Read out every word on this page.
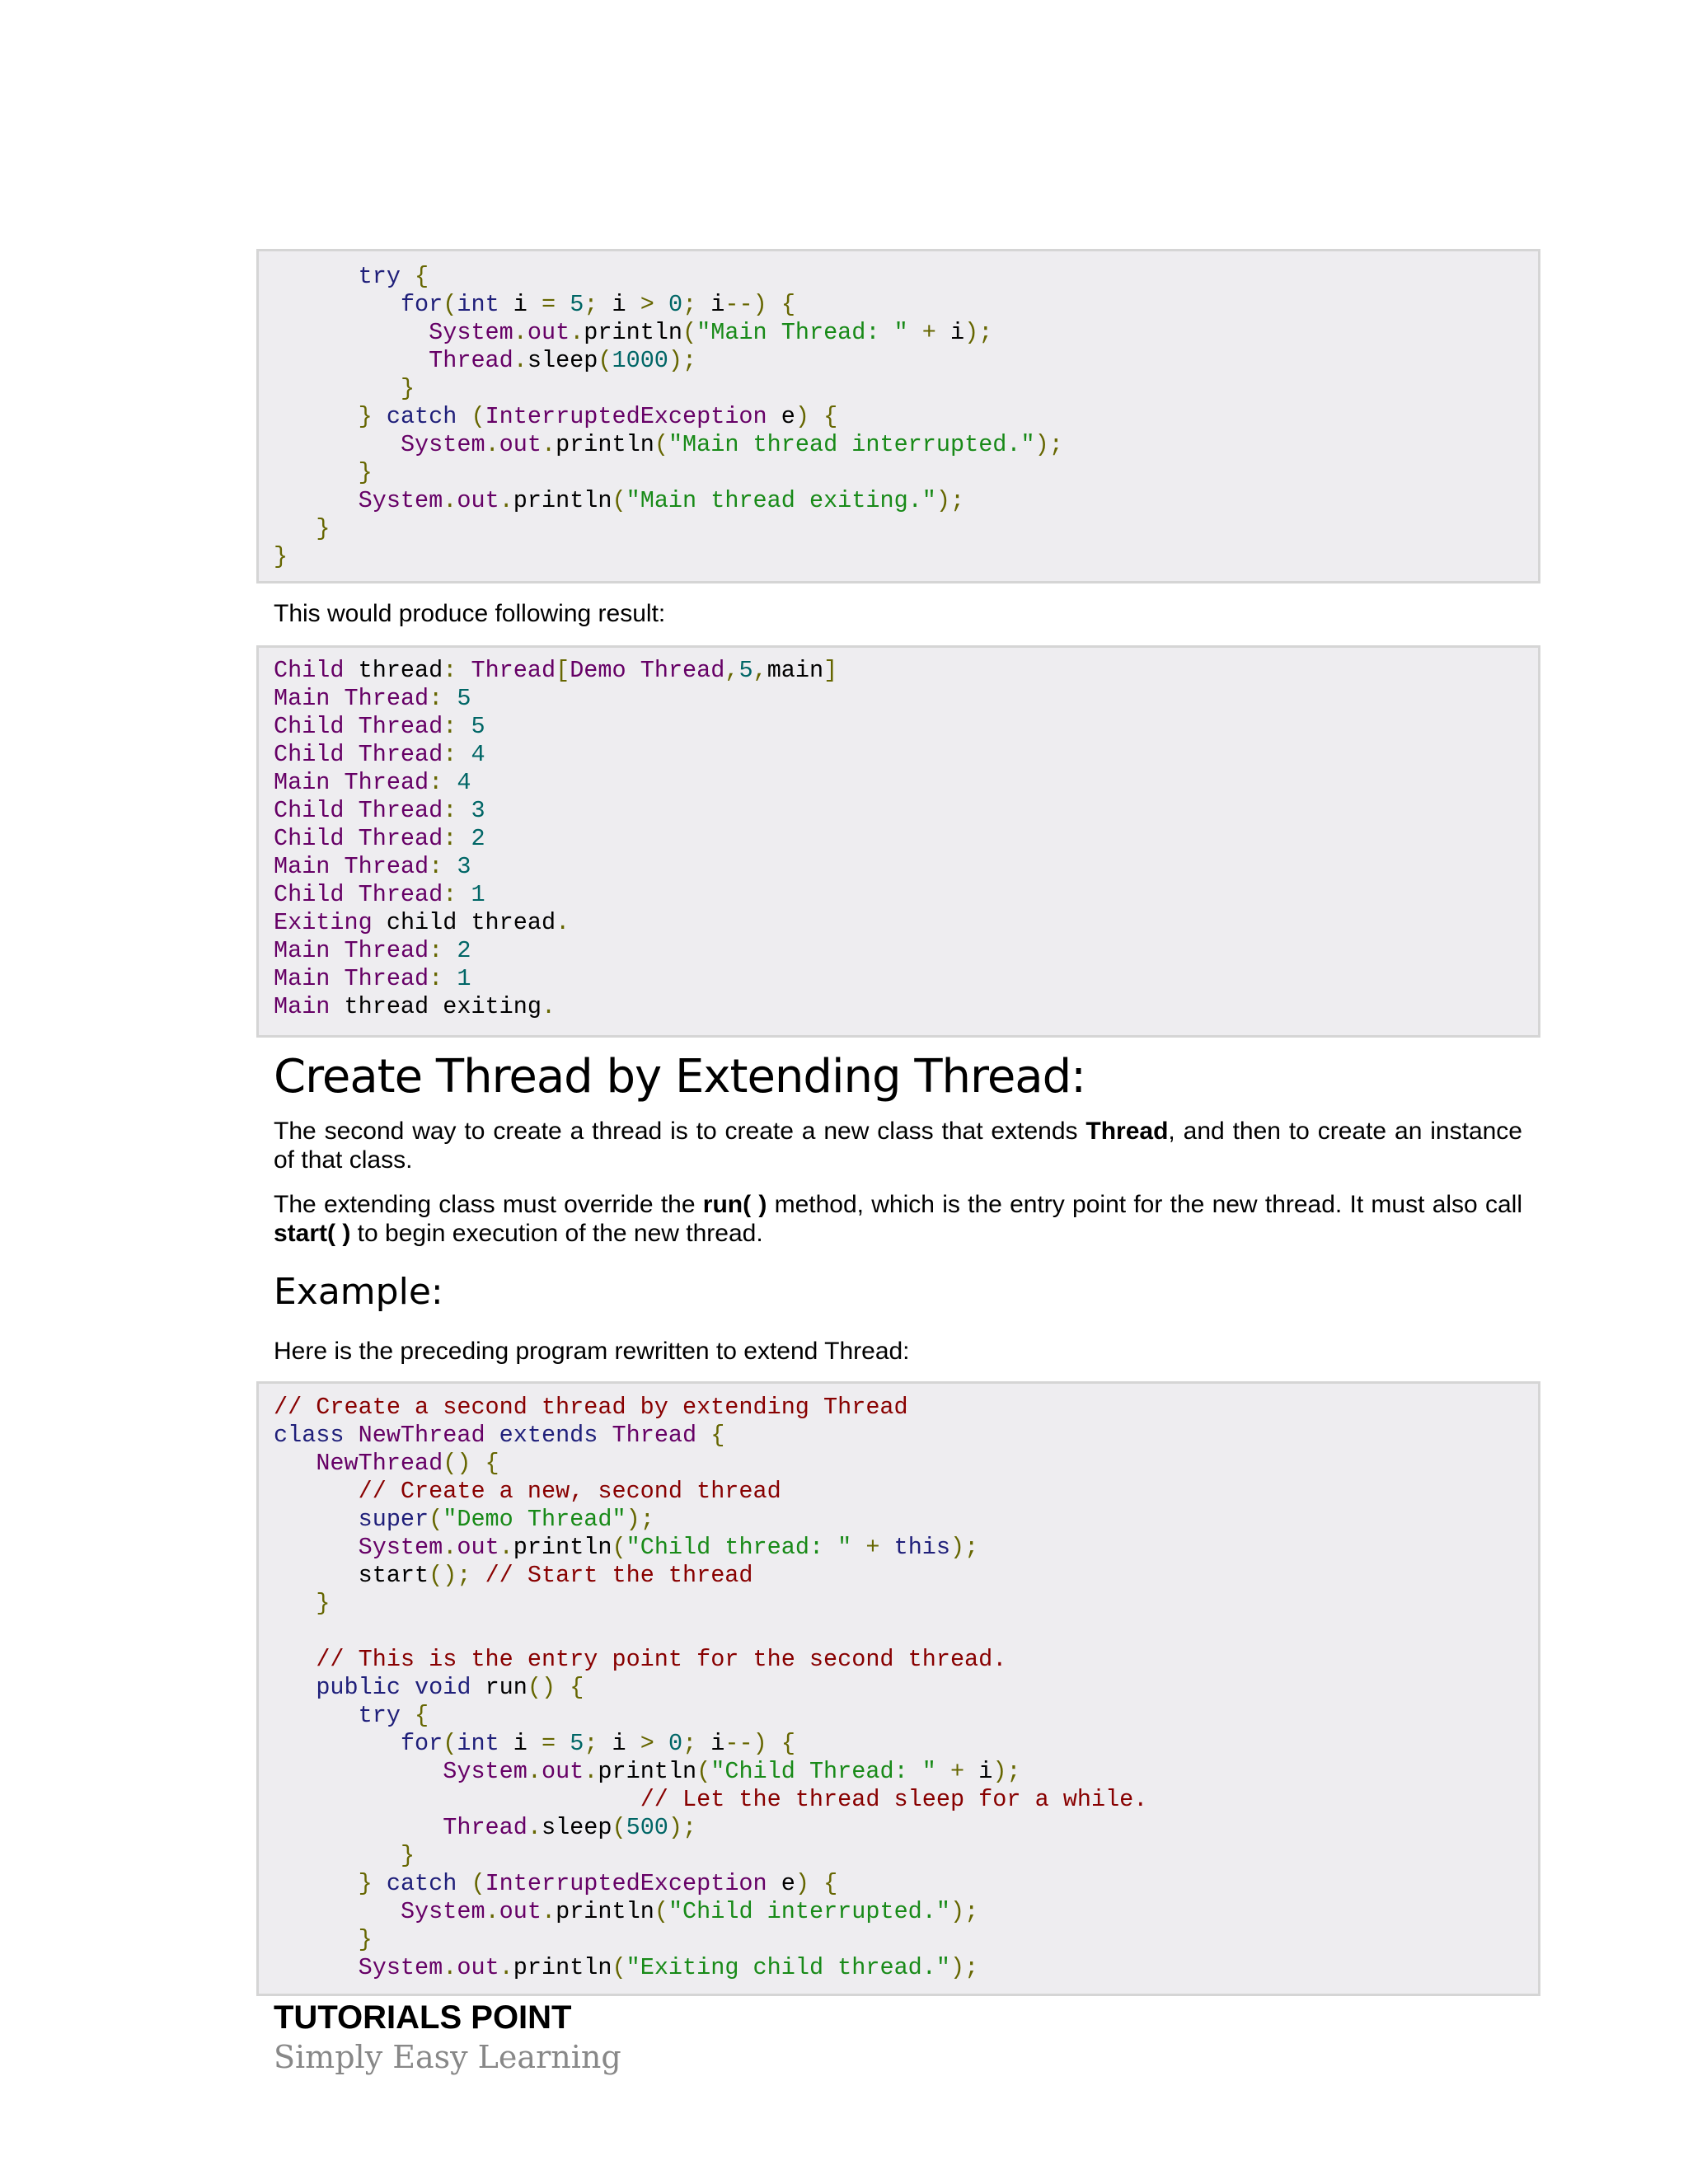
try {
for(int i = 5; i > 0; i--) {
System.out.println("Main Thread: " + i);
Thread.sleep(1000);
}
} catch (InterruptedException e) {
System.out.println("Main thread interrupted.");
}
System.out.println("Main thread exiting.");
}
}
This would produce following result:
Child thread: Thread[Demo Thread,5,main]
Main Thread: 5
Child Thread: 5
Child Thread: 4
Main Thread: 4
Child Thread: 3
Child Thread: 2
Main Thread: 3
Child Thread: 1
Exiting child thread.
Main Thread: 2
Main Thread: 1
Main thread exiting.
Create Thread by Extending Thread:
The second way to create a thread is to create a new class that extends Thread, and then to create an instance of that class.
The extending class must override the run( ) method, which is the entry point for the new thread. It must also call start( ) to begin execution of the new thread.
Example:
Here is the preceding program rewritten to extend Thread:
// Create a second thread by extending Thread
class NewThread extends Thread {
NewThread() {
// Create a new, second thread
super("Demo Thread");
System.out.println("Child thread: " + this);
start(); // Start the thread
}
// This is the entry point for the second thread.
public void run() {
try {
for(int i = 5; i > 0; i--) {
System.out.println("Child Thread: " + i);
// Let the thread sleep for a while.
Thread.sleep(500);
}
} catch (InterruptedException e) {
System.out.println("Child interrupted.");
}
System.out.println("Exiting child thread.");
TUTORIALS POINT
Simply Easy Learning
